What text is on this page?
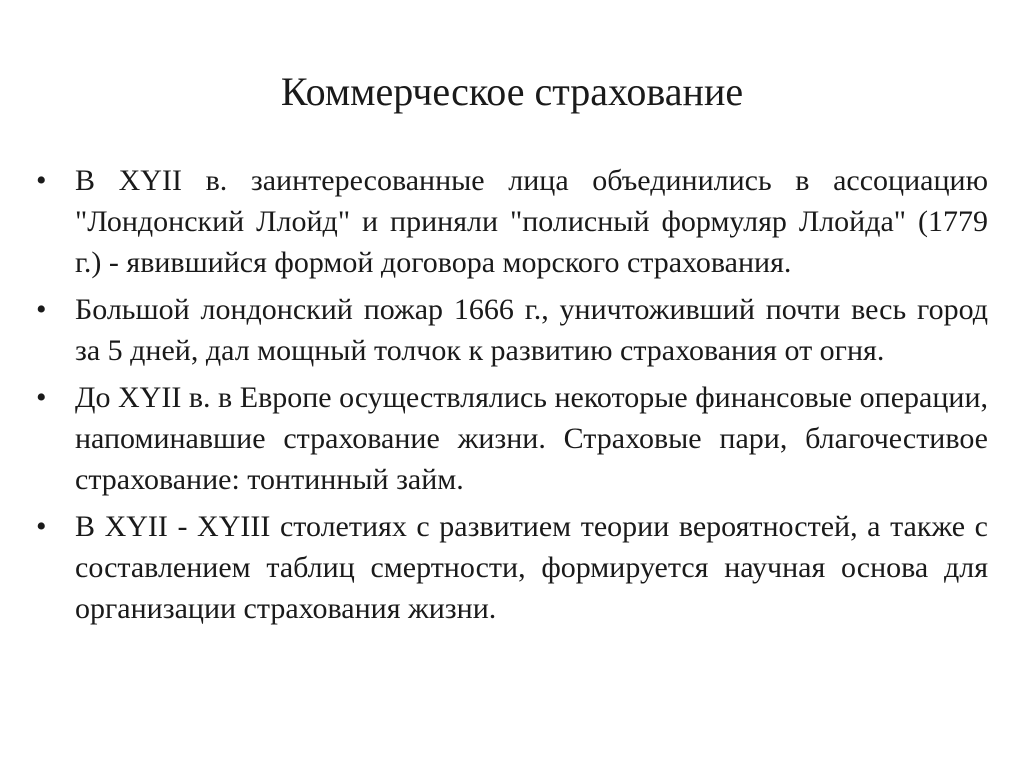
Коммерческое страхование
• В XYII в. заинтересованные лица объединились в ассоциацию "Лондонский Ллойд" и приняли "полисный формуляр Ллойда" (1779 г.) - явившийся формой договора морского страхования.
• Большой лондонский пожар 1666 г., уничтоживший почти весь город за 5 дней, дал мощный толчок к развитию страхования от огня.
• До XYII в. в Европе осуществлялись некоторые финансовые операции, напоминавшие страхование жизни. Страховые пари, благочестивое страхование: тонтинный займ.
• В XYII - XYIII столетиях с развитием теории вероятностей, а также с составлением таблиц смертности, формируется научная основа для организации страхования жизни.
